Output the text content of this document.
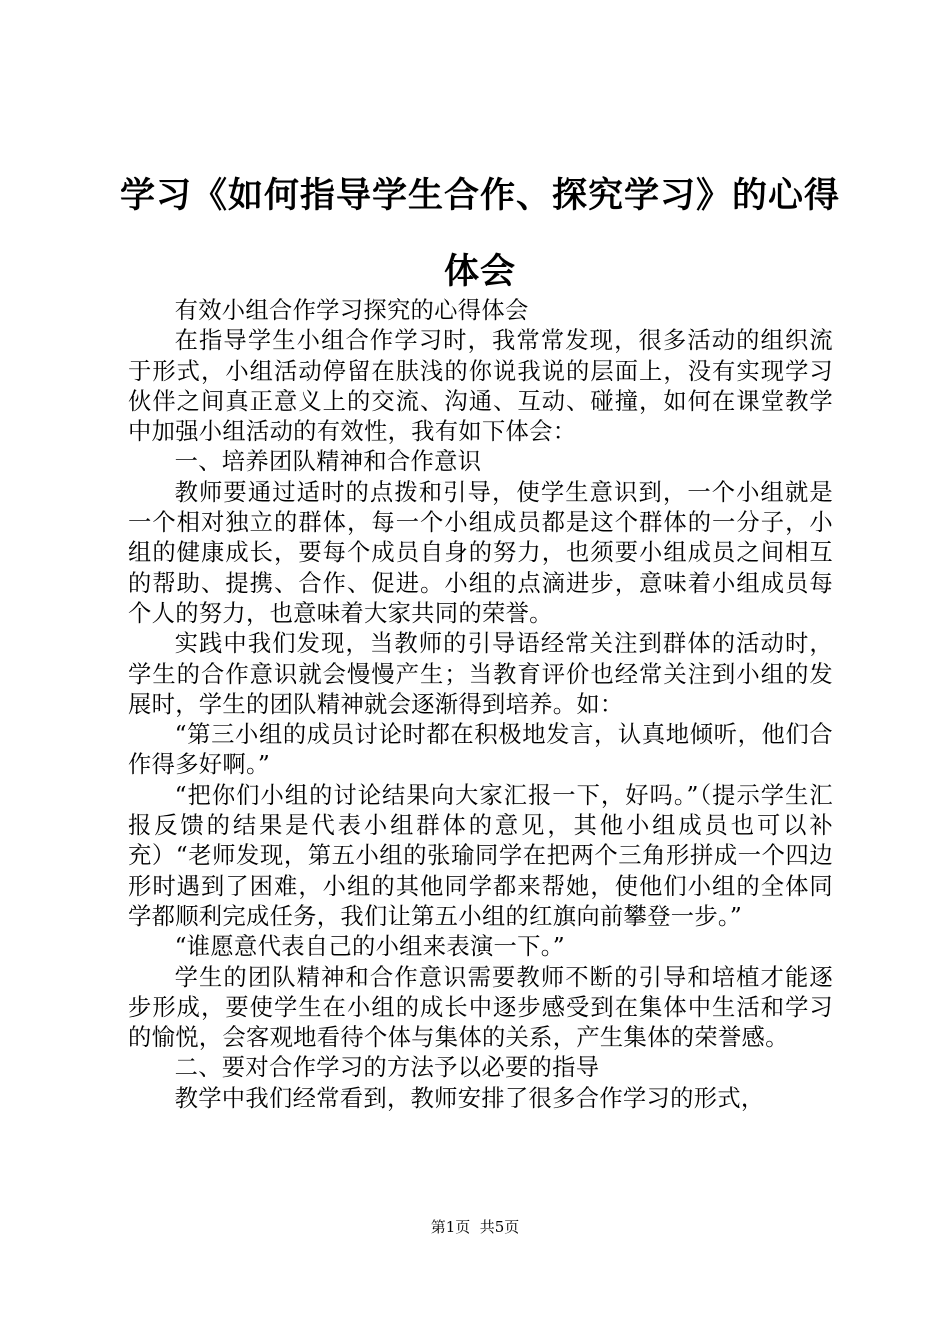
学习《如何指导学生合作、探究学习》的心得体会

有效小组合作学习探究的心得体会

在指导学生小组合作学习时，我常常发现，很多活动的组织流于形式，小组活动停留在肤浅的你说我说的层面上，没有实现学习伙伴之间真正意义上的交流、沟通、互动、碰撞，如何在课堂教学中加强小组活动的有效性，我有如下体会：

一、培养团队精神和合作意识

教师要通过适时的点拨和引导，使学生意识到，一个小组就是一个相对独立的群体，每一个小组成员都是这个群体的一分子，小组的健康成长，要每个成员自身的努力，也须要小组成员之间相互的帮助、提携、合作、促进。小组的点滴进步，意味着小组成员每个人的努力，也意味着大家共同的荣誉。

实践中我们发现，当教师的引导语经常关注到群体的活动时，学生的合作意识就会慢慢产生；当教育评价也经常关注到小组的发展时，学生的团队精神就会逐渐得到培养。如：

“第三小组的成员讨论时都在积极地发言，认真地倾听，他们合作得多好啊。”

“把你们小组的讨论结果向大家汇报一下，好吗。”（提示学生汇报反馈的结果是代表小组群体的意见，其他小组成员也可以补充）“老师发现，第五小组的张瑜同学在把两个三角形拼成一个四边形时遇到了困难，小组的其他同学都来帮她，使他们小组的全体同学都顺利完成任务，我们让第五小组的红旗向前攀登一步。”

“谁愿意代表自己的小组来表演一下。”

学生的团队精神和合作意识需要教师不断的引导和培植才能逐步形成，要使学生在小组的成长中逐步感受到在集体中生活和学习的愉悦，会客观地看待个体与集体的关系，产生集体的荣誉感。

二、要对合作学习的方法予以必要的指导

教学中我们经常看到，教师安排了很多合作学习的形式，

第1页  共5页
